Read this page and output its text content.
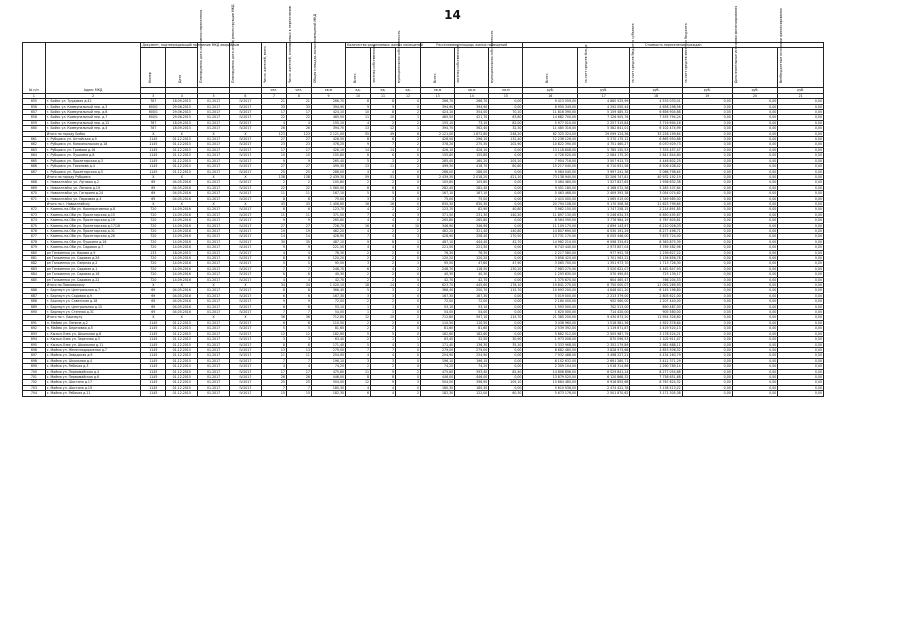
14
№ п/п	Адрес МКД	Документ, подтверждающий признание МКД аварийным		Планируемая дата окончания переселения	Планируемая дата сноса/ реконструкции МКД	Число жителей, всего	Число жителей, планируемых к переселению	Общая площадь жилых помещений МКД	Количество расселяемых жилых помещений			Расселяемая площадь жилых помещений			Стоимость переселения граждан					
		Номер	Дата						Всего	частная собственность	муниципальная собственность	Всего	частная собственность	муниципальная собственность	Всего	за счет средств Фонда	за счет средств бюджета субъекта	за счет средств местного бюджета	Дополнительные источники финансирования	Внебюджетные источники финансирования
						чел.	чел.	кв.м	ед.	ед.	ед.	кв.м	кв.м	кв.м	руб.	руб.	руб.	руб.	руб.	руб.
1	2	3	4	5	6	7	8	9	10	11	12	13	14	15	16	17	18	19	20	21
655	г. Бийск ул. Трудовая д.42	787	18.09.2015	01.2017	IV.2017	21	21	266,70	8	8	0	266,70	266,70	0,00	9 413 559,00	4 880 525,99	4 533 033,01	0,00	0,00	0,00
656	г. Бийск ул. Коммунальный пер. д.3	600/1	29.06.2015	01.2017	IV.2017	33	33	394,90	9	9	0	394,90	394,90	0,00	8 950 349,00	4 292 050,44	4 658 298,56	0,00	0,00	0,00
657	г. Бийск ул. Коммунальный пер. д.6	600/1	29.06.2015	01.2017	IV.2017	17	17	424,10	10	8	2	424,10	354,00	70,10	11 816 390,00	5 159 485,32	6 656 904,68	0,00	0,00	0,00
658	г. Бийск ул. Коммунальный пер. д.7	600/1	29.06.2015	01.2017	IV.2017	22	22	485,50	11	10	1	485,50	421,70	63,80	14 682 700,00	7 126 905,76	7 555 794,24	0,00	0,00	0,00
659	г. Бийск ул. Коммунальный пер. д.12	787	18.09.2015	01.2017	IV.2017	4	4	155,10	4	2	2	155,10	73,10	82,00	5 977 010,00	2 257 315,84	3 719 694,16	0,00	0,00	0,00
660	г. Бийск ул. Коммунальный пер. д.4	787	18.09.2015	01.2017	IV.2017	26	26	394,70	13	12	1	394,70	362,40	32,30	11 485 316,00	5 382 841,01	6 102 474,99	0,00	0,00	0,00
	Итого по городу Бийск	X	X	X	X	123	123	2 121,00	55	49	6	2 121,00	1 872,80	248,20	62 325 324,00	29 099 124,36	33 226 199,64	0,00	0,00	0,00
661	г. Рубцовск ул. Алтайская д.5	1145	01.12.2015	01.2017	IV.2017	27	27	428,50	8	6	2	428,50	296,10	132,40	12 236 126,00	5 370 175,12	6 865 950,88	0,00	0,00	0,00
662	г. Рубцовск ул. Комсомольская д.18	1145	01.12.2015	01.2017	IV.2017	23	23	378,20	9	7	2	378,20	275,30	102,90	10 822 390,00	4 751 460,27	6 070 929,73	0,00	0,00	0,00
663	г. Рубцовск ул. Громова д.16	1145	01.12.2015	01.2017	IV.2017	17	17	426,10	14	14	0	426,10	426,10	0,00	13 118 608,00	5 785 150,53	7 333 457,47	0,00	0,00	0,00
664	г. Рубцовск ул. Пушкина д.8	1145	01.12.2015	01.2017	IV.2017	10	10	155,80	6	6	0	155,80	155,80	0,00	4 726 020,00	2 084 175,20	2 641 844,80	0,00	0,00	0,00
665	г. Рубцовск ул. Пролетарская д.3	1145	01.12.2015	01.2017	IV.2017	9	9	265,40	5	3	2	265,40	160,20	105,20	7 954 716,00	3 507 913,75	4 446 802,25	0,00	0,00	0,00
666	г. Рубцовск ул. Тихонова д.4	1145	01.12.2015	01.2017	IV.2017	27	27	499,30	13	11	2	499,30	418,70	80,60	15 217 040,00	6 710 631,58	8 506 408,42	0,00	0,00	0,00
667	г. Рубцовск ул. Пролетарская д.5	1145	01.12.2015	01.2017	IV.2017	25	25	286,00	4	4	0	286,00	286,00	0,00	9 064 040,00	3 997 241,36	5 066 798,64	0,00	0,00	0,00
	Итого по городу Рубцовск	X	X	X	X	138	138	2 439,30	59	51	8	2 439,30	2 018,20	421,10	73 138 940,00	32 206 747,81	40 932 192,19	0,00	0,00	0,00
668	г. Новоалтайск ул. Луговая д.2	69	04.05.2016	01.2017	IV.2017	2	2	105,80	2	2	0	105,80	105,80	0,00	3 464 460,00	1 527 827,62	1 936 632,38	0,00	0,00	0,00
669	г. Новоалтайск ул. Ленина д.19	69	04.05.2016	01.2017	IV.2017	22	22	1 060,90	6	6	0	282,40	282,40	0,00	9 451 180,00	4 168 072,36	5 283 107,64	0,00	0,00	0,00
670	г. Новоалтайск ул. Гагарина д.24	69	04.05.2016	01.2017	IV.2017	11	11	167,10	5	5	0	167,10	167,10	0,00	5 463 468,00	2 409 393,38	3 054 074,62	0,00	0,00	0,00
671	г. Новоалтайск ул. Парковая д.4	69	04.05.2016	01.2017	IV.2017	8	8	75,00	3	3	0	75,00	75,00	0,00	2 415 000,00	1 065 015,00	1 349 985,00	0,00	0,00	0,00
	Итого по г. Новоалтайску	X	X	X	X	43	43	1 408,80	16	16	0	630,30	630,30	0,00	20 794 108,00	9 170 308,36	11 623 799,64	0,00	0,00	0,00
672	г. Камень-на-Оби ул. Кооперативная д.8	720	14.09.2016	01.2017	IV.2017	6	6	123,70	4	2	2	123,70	82,90	40,80	3 962 150,00	1 747 258,15	2 214 891,85	0,00	0,00	0,00
673	г. Камень-на-Оби ул. Пролетарская д.15	720	14.09.2016	01.2017	IV.2017	11	11	371,50	7	4	3	371,50	231,30	140,20	11 897 130,00	5 246 634,33	6 650 495,67	0,00	0,00	0,00
674	г. Камень-на-Оби ул. Пролетарская д.19	720	14.09.2016	01.2017	IV.2017	9	9	265,80	4	4	0	265,80	265,80	0,00	8 564 590,00	3 776 984,19	4 787 605,81	0,00	0,00	0,00
675	г. Камень-на-Оби ул. Пролетарская д.17/18	720	14.09.2016	01.2017	IV.2017	27	27	726,70	16	6	10	346,90	346,90	0,00	11 109 170,00	4 899 143,97	6 210 026,03	0,00	0,00	0,00
676	г. Камень-на-Оби ул. Пролетарская д.31	720	14.09.2016	01.2017	IV.2017	19	19	462,20	4	2	2	462,20	321,40	140,80	14 807 690,00	6 530 191,29	8 277 498,71	0,00	0,00	0,00
677	г. Камень-на-Оби ул. Пролетарская д.26	720	14.09.2016	01.2017	IV.2017	14	14	428,90	7	4	3	428,90	258,40	170,50	13 731 170,00	6 055 446,00	7 675 724,00	0,00	0,00	0,00
678	г. Камень-на-Оби ул. Пушкина д.16	720	14.09.2016	01.2017	IV.2017	30	30	487,10	9	8	1	487,10	444,40	42,70	14 962 210,00	6 598 334,61	8 363 875,39	0,00	0,00	0,00
679	г. Камень-на-Оби ул. Садовая д.7	720	14.09.2016	01.2017	IV.2017	9	9	221,50	4	4	0	221,50	221,50	0,00	6 743 440,00	2 973 857,04	3 769 582,96	0,00	0,00	0,00
680	рп Тальменка ул. Кирова д.9	133	18.09.2015	01.2017	IV.2017	4	4	76,30	2	2	0	76,30	76,30	0,00	2 217 580,00	977 952,78	1 239 627,22	0,00	0,00	0,00
681	рп Тальменка ул. Садовая д.26	720	14.09.2016	01.2017	IV.2017	8	8	120,20	2	2	0	120,20	120,20	0,00	3 858 420,00	1 701 563,22	2 156 856,78	0,00	0,00	0,00
682	рп Тальменка ул. Озерная д.2	720	14.09.2016	01.2017	IV.2017	5	5	95,50	3	2	1	95,50	47,60	47,90	3 065 700,00	1 351 973,70	1 713 726,30	0,00	0,00	0,00
683	рп Тальменка ул. Садовая д.1	720	14.09.2016	01.2017	IV.2017	7	7	248,70	6	4	2	248,70	118,50	130,20	7 983 270,00	3 520 622,07	4 462 647,93	0,00	0,00	0,00
684	рп Тальменка ул. Садовая д.16	720	14.09.2016	01.2017	IV.2017	6	6	40,30	2	2	0	40,30	40,30	0,00	1 293 630,00	570 490,83	723 139,17	0,00	0,00	0,00
685	рп Тальменка ул. Садовая д.22	720	14.09.2016	01.2017	IV.2017	4	4	42,70	2	2	0	42,70	42,70	0,00	1 370 670,00	604 465,47	766 204,53	0,00	0,00	0,00
	Итого по Павловскому	X	X	X	X	34	34	1 020,10	18	14	4	623,70	445,60	178,10	19 841 270,00	8 750 000,07	11 091 269,93	0,00	0,00	0,00
686	г. Барнаул ул. Центральная д.7	69	04.05.2016	01.2017	IV.2017	8	8	366,40	5	3	2	366,40	250,70	115,70	10 993 200,00	4 848 001,20	6 145 198,80	0,00	0,00	0,00
687	г. Барнаул ул. Садовая д.9	69	04.05.2016	01.2017	IV.2017	6	6	167,30	3	3	0	167,30	167,30	0,00	5 019 000,00	2 213 379,00	2 805 621,00	0,00	0,00	0,00
688	г. Барнаул ул. Советская д.18	69	04.05.2016	01.2017	IV.2017	9	9	72,00	2	2	0	72,00	72,00	0,00	2 160 000,00	952 560,00	1 207 440,00	0,00	0,00	0,00
689	г. Барнаул ул. Центральная д.15	69	04.05.2016	01.2017	IV.2017	6	6	53,10	1	1	0	53,10	53,10	0,00	1 593 000,00	702 513,00	890 487,00	0,00	0,00	0,00
690	г. Барнаул ул. Степная д.31	69	04.05.2016	01.2017	IV.2017	7	7	54,00	1	1	0	54,00	54,00	0,00	1 620 000,00	714 420,00	905 580,00	0,00	0,00	0,00
	Итого по г. Барнаулу	X	X	X	X	36	36	712,80	12	10	2	712,80	597,10	115,70	21 385 200,00	9 430 873,20	11 954 326,80	0,00	0,00	0,00
691	п. Майма ул. Ленина д.2	1145	01.12.2015	01.2017	IV.2017	6	6	110,50	2	2	0	110,50	110,50	0,00	3 438 960,00	1 516 581,36	1 922 378,64	0,00	0,00	0,00
692	п. Майма ул. Березовая д.5	1145	01.12.2015	01.2017	IV.2017	5	5	81,60	2	2	0	81,60	81,60	0,00	2 539 392,00	1 119 871,87	1 419 520,13	0,00	0,00	0,00
693	с. Кызыл-Озек ул. Школьная д.8	1145	01.12.2015	01.2017	IV.2017	12	12	182,60	5	5	0	182,60	182,60	0,00	5 682 512,00	2 505 987,79	3 176 524,21	0,00	0,00	0,00
694	с. Кызыл-Озек ул. Заречная д.3	1145	01.12.2015	01.2017	IV.2017	3	3	63,40	2	1	1	63,40	32,50	30,90	1 973 008,00	870 096,53	1 102 911,47	0,00	0,00	0,00
695	с. Кызыл-Озек ул. Школьная д.11	1145	01.12.2015	01.2017	IV.2017	8	8	171,40	5	4	1	171,40	136,30	35,10	5 333 968,00	2 352 279,89	2 981 688,11	0,00	0,00	0,00
696	с. Майма ул. Железнодорожная д.7	1145	01.12.2015	01.2017	IV.2017	13	13	279,00	7	7	0	279,00	279,00	0,00	8 682 480,00	3 828 973,68	4 853 506,32	0,00	0,00	0,00
697	с. Майма ул. Заводская д.9	1145	01.12.2015	01.2017	IV.2017	11	11	254,90	4	4	0	254,90	254,90	0,00	7 932 488,00	3 498 227,21	4 434 260,79	0,00	0,00	0,00
698	с. Майма ул. Школьная д.4	1145	01.12.2015	01.2017	IV.2017	7	7	196,10	3	3	0	196,10	196,10	0,00	6 102 632,00	2 691 260,71	3 411 371,29	0,00	0,00	0,00
699	с. Майма ул. Рабочая д.3	1145	01.12.2015	01.2017	IV.2017	4	4	74,20	2	2	0	74,20	74,20	0,00	2 309 104,00	1 018 314,86	1 290 789,14	0,00	0,00	0,00
700	с. Майма ул. Первомайская д.4	1145	01.12.2015	01.2017	IV.2017	17	17	475,80	11	9	2	475,80	393,40	82,40	14 806 896,00	6 529 841,14	8 277 054,86	0,00	0,00	0,00
701	с. Майма ул. Первомайская д.6	1145	01.12.2015	01.2017	IV.2017	26	26	446,00	8	8	0	446,00	446,00	0,00	13 879 520,00	6 120 868,32	7 758 651,68	0,00	0,00	0,00
702	с. Майма ул. Шастина д.17	1145	01.12.2015	01.2017	IV.2017	25	25	504,00	12	9	3	504,00	398,90	105,10	15 684 480,00	6 916 855,68	8 767 624,32	0,00	0,00	0,00
703	с. Майма ул. Шастина д.19	1145	01.12.2015	01.2017	IV.2017	7	7	180,30	4	4	0	180,30	180,30	0,00	5 610 936,00	2 474 422,78	3 136 513,22	0,00	0,00	0,00
704	с. Майма ул. Рабочая д.11	1145	01.12.2015	01.2017	IV.2017	15	15	182,30	6	4	2	182,30	122,00	60,30	5 673 176,00	2 501 870,62	3 171 305,38	0,00	0,00	0,00
